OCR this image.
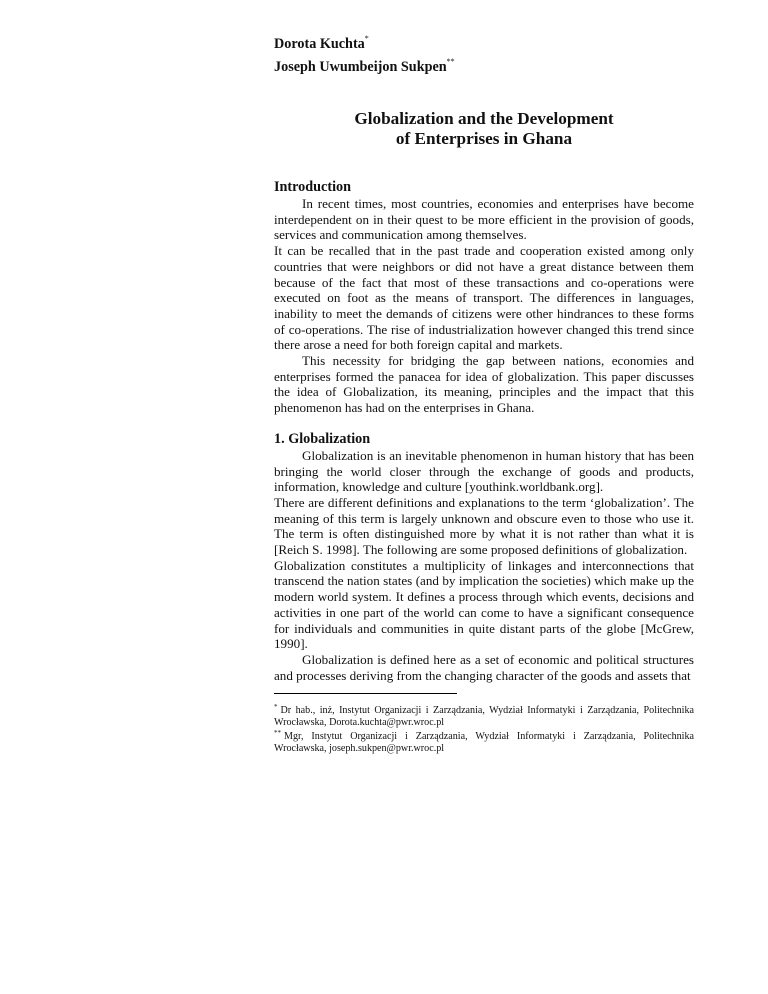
Dorota Kuchta*
Joseph Uwumbeijon Sukpen**
Globalization and the Development
of Enterprises in Ghana
Introduction

In recent times, most countries, economies and enterprises have become interdependent on in their quest to be more efficient in the provision of goods, services and communication among themselves.

It can be recalled that in the past trade and cooperation existed among only countries that were neighbors or did not have a great distance between them because of the fact that most of these transactions and co-operations were executed on foot as the means of transport. The differences in languages, inability to meet the demands of citizens were other hindrances to these forms of co-operations. The rise of industrialization however changed this trend since there arose a need for both foreign capital and markets.

This necessity for bridging the gap between nations, economies and enterprises formed the panacea for idea of globalization. This paper discusses the idea of Globalization, its meaning, principles and the impact that this phenomenon has had on the enterprises in Ghana.

1. Globalization

Globalization is an inevitable phenomenon in human history that has been bringing the world closer through the exchange of goods and products, information, knowledge and culture [youthink.worldbank.org].

There are different definitions and explanations to the term ‘globalization’. The meaning of this term is largely unknown and obscure even to those who use it. The term is often distinguished more by what it is not rather than what it is [Reich S. 1998]. The following are some proposed definitions of globalization.

Globalization constitutes a multiplicity of linkages and interconnections that transcend the nation states (and by implication the societies) which make up the modern world system. It defines a process through which events, decisions and activities in one part of the world can come to have a significant consequence for individuals and communities in quite distant parts of the globe [McGrew, 1990].

Globalization is defined here as a set of economic and political structures and processes deriving from the changing character of the goods and assets that

* Dr hab., inż, Instytut Organizacji i Zarządzania, Wydział Informatyki i Zarządzania, Politechnika Wrocławska, Dorota.kuchta@pwr.wroc.pl
** Mgr, Instytut Organizacji i Zarządzania, Wydział Informatyki i Zarządzania, Politechnika Wrocławska, joseph.sukpen@pwr.wroc.pl
